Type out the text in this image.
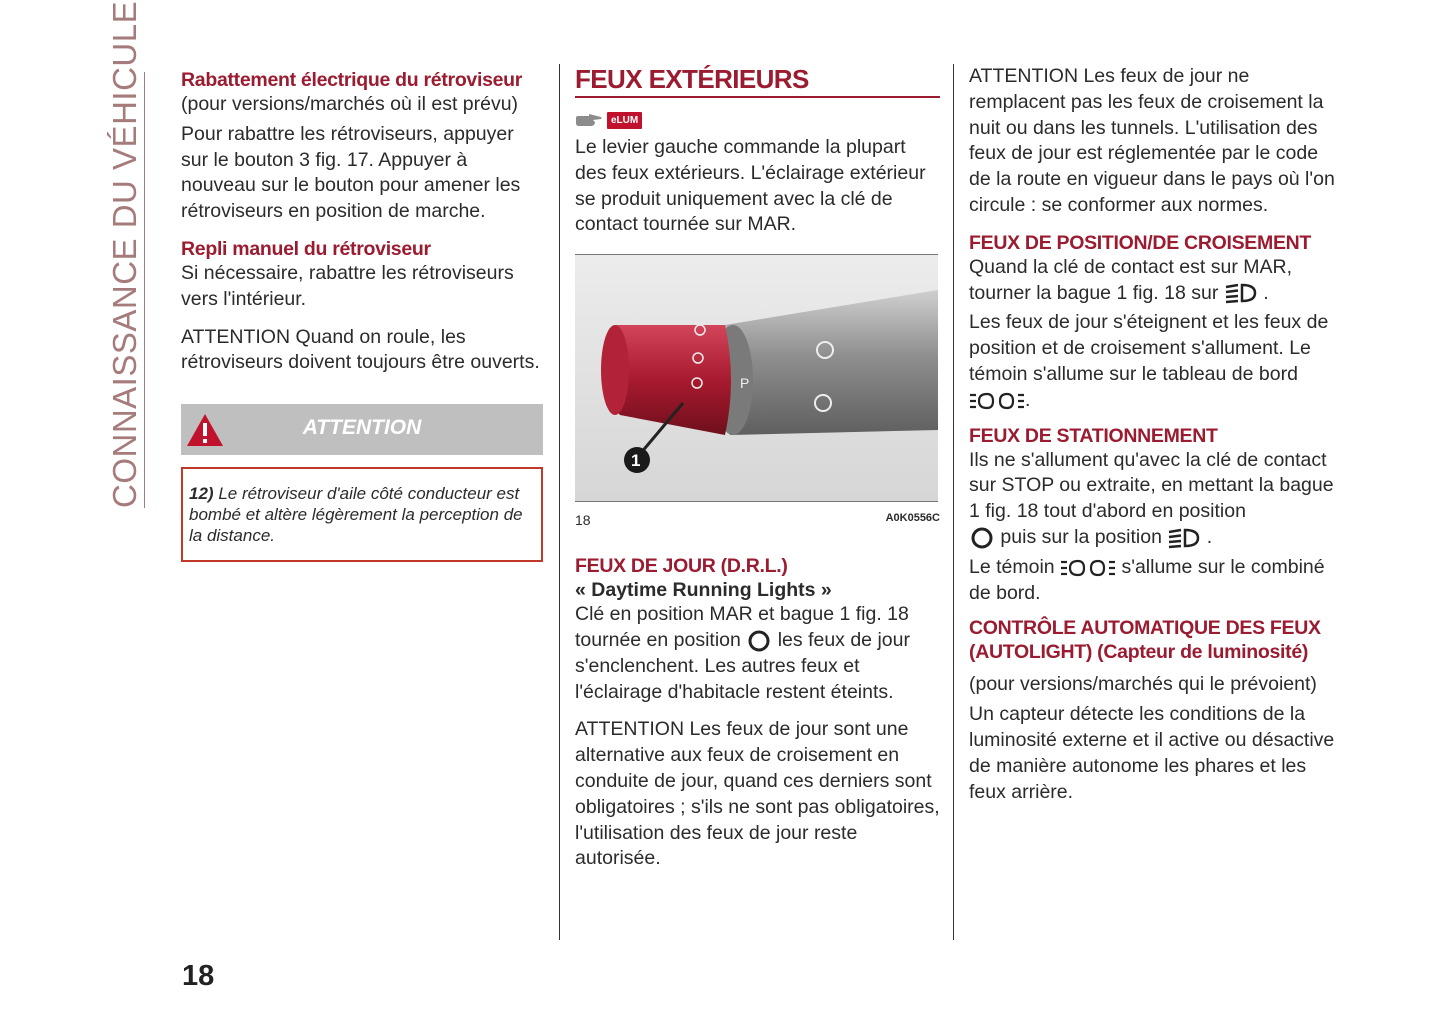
CONNAISSANCE DU VÉHICULE Rabattement électrique du rétroviseur

(pour versions/marchés où il est prévu)

Pour rabattre les rétroviseurs, appuyer sur le bouton 3 fig. 17. Appuyer à nouveau sur le bouton pour amener les rétroviseurs en position de marche.

Repli manuel du rétroviseur

Si nécessaire, rabattre les rétroviseurs vers l'intérieur.

ATTENTION Quand on roule, les rétroviseurs doivent toujours être ouverts.

ATTENTION
12) Le rétroviseur d'aile côté conducteur est bombé et altère légèrement la perception de la distance.
FEUX EXTÉRIEURS
eLUM

Le levier gauche commande la plupart des feux extérieurs. L'éclairage extérieur se produit uniquement avec la clé de contact tournée sur MAR.

P
1
18	A0K0556C
FEUX DE JOUR (D.R.L.)
« Daytime Running Lights »

Clé en position MAR et bague 1 fig. 18 tournée en position les feux de jour s'enclenchent. Les autres feux et l'éclairage d'habitacle restent éteints.

ATTENTION Les feux de jour sont une alternative aux feux de croisement en conduite de jour, quand ces derniers sont obligatoires ; s'ils ne sont pas obligatoires, l'utilisation des feux de jour reste autorisée.

ATTENTION Les feux de jour ne remplacent pas les feux de croisement la nuit ou dans les tunnels. L'utilisation des feux de jour est réglementée par le code de la route en vigueur dans le pays où l'on circule : se conformer aux normes.

FEUX DE POSITION/DE CROISEMENT

Quand la clé de contact est sur MAR, tourner la bague 1 fig. 18 sur .

Les feux de jour s'éteignent et les feux de position et de croisement s'allument. Le témoin s'allume sur le tableau de bord
.

FEUX DE STATIONNEMENT

Ils ne s'allument qu'avec la clé de contact sur STOP ou extraite, en mettant la bague 1 fig. 18 tout d'abord en position
puis sur la position .

Le témoin	s'allume sur le combiné de bord.

CONTRÔLE AUTOMATIQUE DES FEUX (AUTOLIGHT) (Capteur de luminosité)

(pour versions/marchés qui le prévoient)

Un capteur détecte les conditions de la luminosité externe et il active ou désactive de manière autonome les phares et les feux arrière.

18
